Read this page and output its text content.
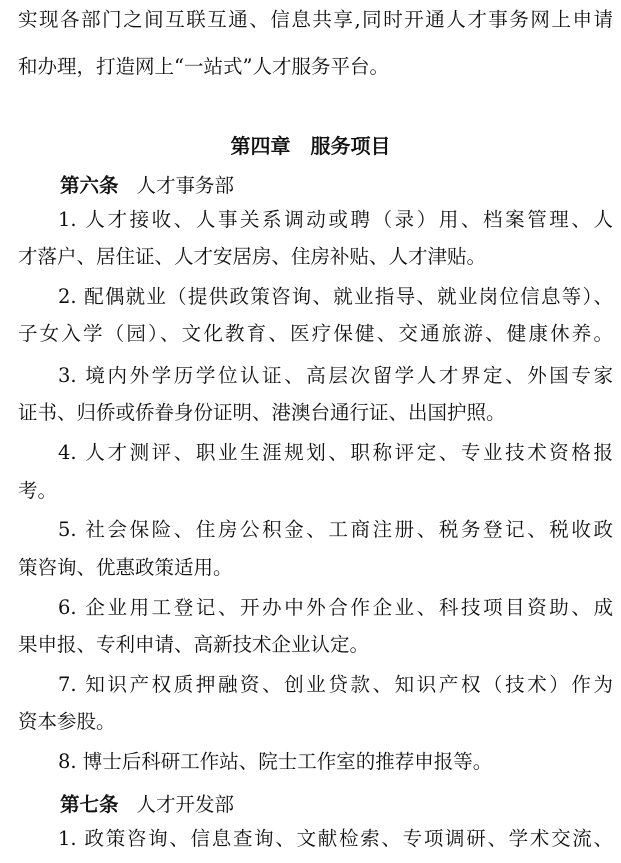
实现各部门之间互联互通、信息共享,同时开通人才事务网上申请
和办理，打造网上“一站式”人才服务平台。
第四章　服务项目
第六条 人才事务部
1. 人才接收、人事关系调动或聘（录）用、档案管理、人
才落户、居住证、人才安居房、住房补贴、人才津贴。
2. 配偶就业（提供政策咨询、就业指导、就业岗位信息等）、
子女入学（园）、文化教育、医疗保健、交通旅游、健康休养。
3. 境内外学历学位认证、高层次留学人才界定、外国专家
证书、归侨或侨眷身份证明、港澳台通行证、出国护照。
4. 人才测评、职业生涯规划、职称评定、专业技术资格报
考。
5. 社会保险、住房公积金、工商注册、税务登记、税收政
策咨询、优惠政策适用。
6. 企业用工登记、开办中外合作企业、科技项目资助、成
果申报、专利申请、高新技术企业认定。
7. 知识产权质押融资、创业贷款、知识产权（技术）作为
资本参股。
8. 博士后科研工作站、院士工作室的推荐申报等。
第七条 人才开发部
1. 政策咨询、信息查询、文献检索、专项调研、学术交流、
